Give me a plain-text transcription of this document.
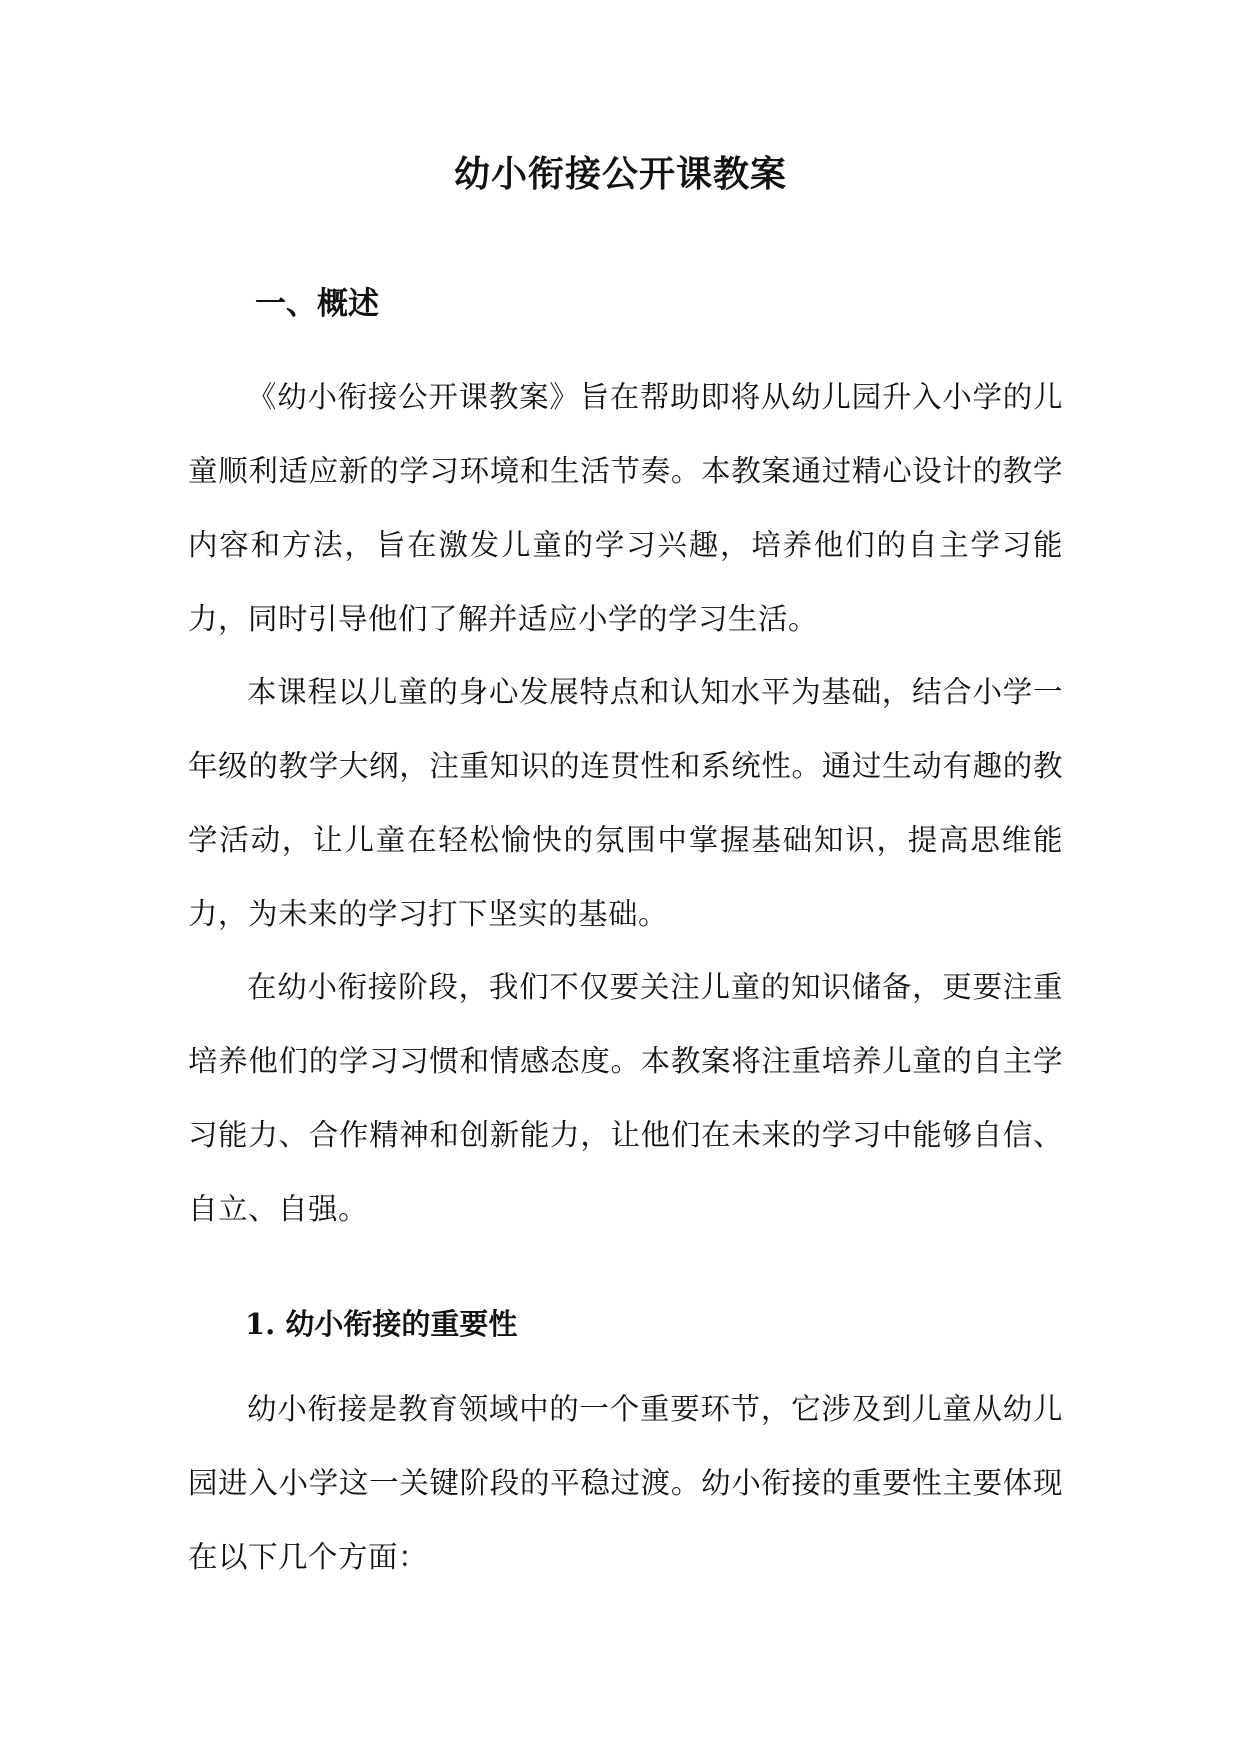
幼小衔接公开课教案
一、概述
《幼小衔接公开课教案》旨在帮助即将从幼儿园升入小学的儿童顺利适应新的学习环境和生活节奏。本教案通过精心设计的教学内容和方法，旨在激发儿童的学习兴趣，培养他们的自主学习能力，同时引导他们了解并适应小学的学习生活。
本课程以儿童的身心发展特点和认知水平为基础，结合小学一年级的教学大纲，注重知识的连贯性和系统性。通过生动有趣的教学活动，让儿童在轻松愉快的氛围中掌握基础知识，提高思维能力，为未来的学习打下坚实的基础。
在幼小衔接阶段，我们不仅要关注儿童的知识储备，更要注重培养他们的学习习惯和情感态度。本教案将注重培养儿童的自主学习能力、合作精神和创新能力，让他们在未来的学习中能够自信、自立、自强。
1. 幼小衔接的重要性
幼小衔接是教育领域中的一个重要环节，它涉及到儿童从幼儿园进入小学这一关键阶段的平稳过渡。幼小衔接的重要性主要体现在以下几个方面：
